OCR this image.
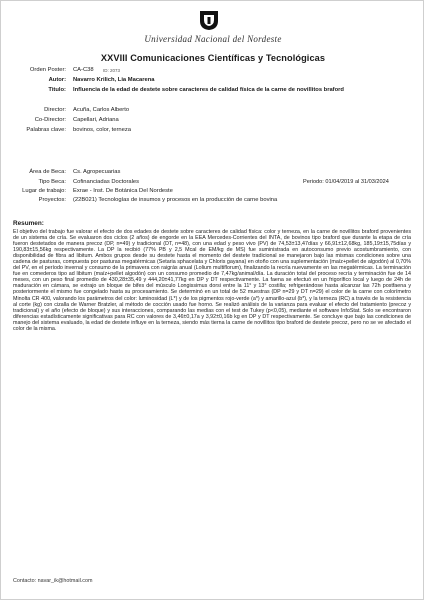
Universidad Nacional del Nordeste
XXVIII Comunicaciones Científicas y Tecnológicas
Orden Poster: CA-C38 ID: 2073
Autor: Navarro Krilich, Lia Macarena
Titulo: Influencia de la edad de destete sobre caracteres de calidad física de la carne de novillitos braford
Director: Acuña, Carlos Alberto
Co-Director: Capellari, Adriana
Palabras clave: bovinos, color, terneza
Área de Beca: Cs. Agropecuarias
Tipo Beca: Cofinanciadas Doctorales	Periodo: 01/04/2019 al 31/03/2024
Lugar de trabajo: Exrae - Inst. De Botánica Del Nordeste
Proyectos: (22B021) Tecnologías de insumos y procesos en la producción de carne bovina
Resumen:
El objetivo del trabajo fue valorar el efecto de dos edades de destete sobre caracteres de calidad física: color y terneza, en la carne de novillitos braford provenientes de un sistema de cría. Se evaluaron dos ciclos (2 años) de engorde en la EEA Mercedes-Corrientes del INTA, de bovinos tipo braford que durante la etapa de cría fueron destetados de manera precoz (DP, n=49) y tradicional (DT, n=48), con una edad y peso vivo (PV) de 74,53±13,47días y 66,91±12,68kg, 185,19±15,75días y 190,83±15,56kg respectivamente. La DP la recibió (77% PB y 2,5 Mcal de EM/kg de MS) fue suministrada en autoconsumo previo acostumbramiento, con disponibilidad de fibra ad libitum. Ambos grupos desde su destete hasta el momento del destete tradicional se manejaron bajo las mismas condiciones sobre una cadena de pasturas, compuesta por pasturas megatérmicas (Setaria sphacelata y Chloris gayana) en otoño con una suplementación (maíz+pellet de algodón) al 0,70% del PV, en el período invernal y consumo de la primavera con raigrás anual (Lolium multiflorum), finalizando la recría nuevamente en las megatérmicas. La terminación fue en comederos tipo ad libitum (maíz+pellet algodón) con un consumo promedio de 7,47kg/animal/día. La duración total del proceso recría y terminación fue de 14 meses, con un peso final promedio de 430,28±35,49 y 444,20±41,77kg en DP y DT respectivamente. La faena se efectuó en un frigorífico local y luego de 24h de maduración en cámara, se extrajo un bloque de bifes del músculo Longissimus dorsi entre la 11° y 13° costilla; refrigerándose hasta alcanzar las 72h postfaena y posteriormente el mismo fue congelado hasta su procesamiento. Se determinó en un total de 52 muestras (DP n=29 y DT n=29) el color de la carne con colorímetro Minolta CR 400, valorando los parámetros del color: luminosidad (L*) y de los pigmentos rojo-verde (a*) y amarillo-azul (b*), y la terneza (RC) a través de la resistencia al corte (kg) con cizalla de Warner Bratzler, al método de cocción usado fue horno. Se realizó análisis de la varianza para evaluar el efecto del tratamiento (precoz y tradicional) y el año (efecto de bloque) y sus interacciones, comparando las medias con el test de Tukey (p<0,05), mediante el software InfoStat. Solo se encontraron diferencias estadísticamente significativas para RC con valores de 3,46±0,17a y 3,92±0,16b kg en DP y DT respectivamente. Se concluye que bajo las condiciones de manejo del sistema evaluado, la edad de destete influye en la terneza, siendo más tierna la carne de novillitos tipo braford de destete precoz, pero no se ve afectado el color de la misma.
Contacto: navar_ik@hotmail.com
